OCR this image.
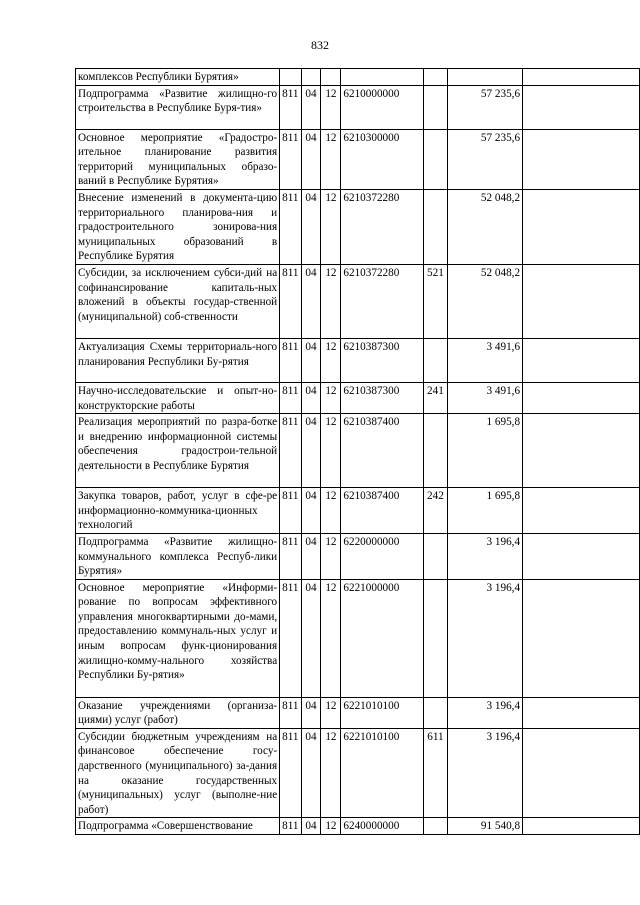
832
комплексов Республики Бурятия»							
Подпрограмма «Развитие жилищно-го строительства в Республике Буря-тия»	811	04	12	6210000000		57 235,6	
Основное мероприятие «Градостро-ительное планирование развития территорий муниципальных образо-ваний в Республике Бурятия»	811	04	12	6210300000		57 235,6	
Внесение изменений в документа-цию территориального планирова-ния и градостроительного зонирова-ния муниципальных образований в Республике Бурятия	811	04	12	6210372280		52 048,2	
Субсидии, за исключением субси-дий на софинансирование капиталь-ных вложений в объекты государ-ственной (муниципальной) соб-ственности	811	04	12	6210372280	521	52 048,2	
Актуализация Схемы территориаль-ного планирования Республики Бу-рятия	811	04	12	6210387300		3 491,6	
Научно-исследовательские и опыт-но-конструкторские работы	811	04	12	6210387300	241	3 491,6	
Реализация мероприятий по разра-ботке и внедрению информационной системы обеспечения градострои-тельной деятельности в Республике Бурятия	811	04	12	6210387400		1 695,8	
Закупка товаров, работ, услуг в сфе-ре информационно-коммуника-ционных технологий	811	04	12	6210387400	242	1 695,8	
Подпрограмма «Развитие жилищно-коммунального комплекса Респуб-лики Бурятия»	811	04	12	6220000000		3 196,4	
Основное мероприятие «Информи-рование по вопросам эффективного управления многоквартирными до-мами, предоставлению коммуналь-ных услуг и иным вопросам функ-ционирования жилищно-комму-нального хозяйства Республики Бу-рятия»	811	04	12	6221000000		3 196,4	
Оказание учреждениями (организа-циями) услуг (работ)	811	04	12	6221010100		3 196,4	
Субсидии бюджетным учреждениям на финансовое обеспечение госу-дарственного (муниципального) за-дания на оказание государственных (муниципальных) услуг (выполне-ние работ)	811	04	12	6221010100	611	3 196,4	
Подпрограмма «Совершенствование	811	04	12	6240000000		91 540,8	
